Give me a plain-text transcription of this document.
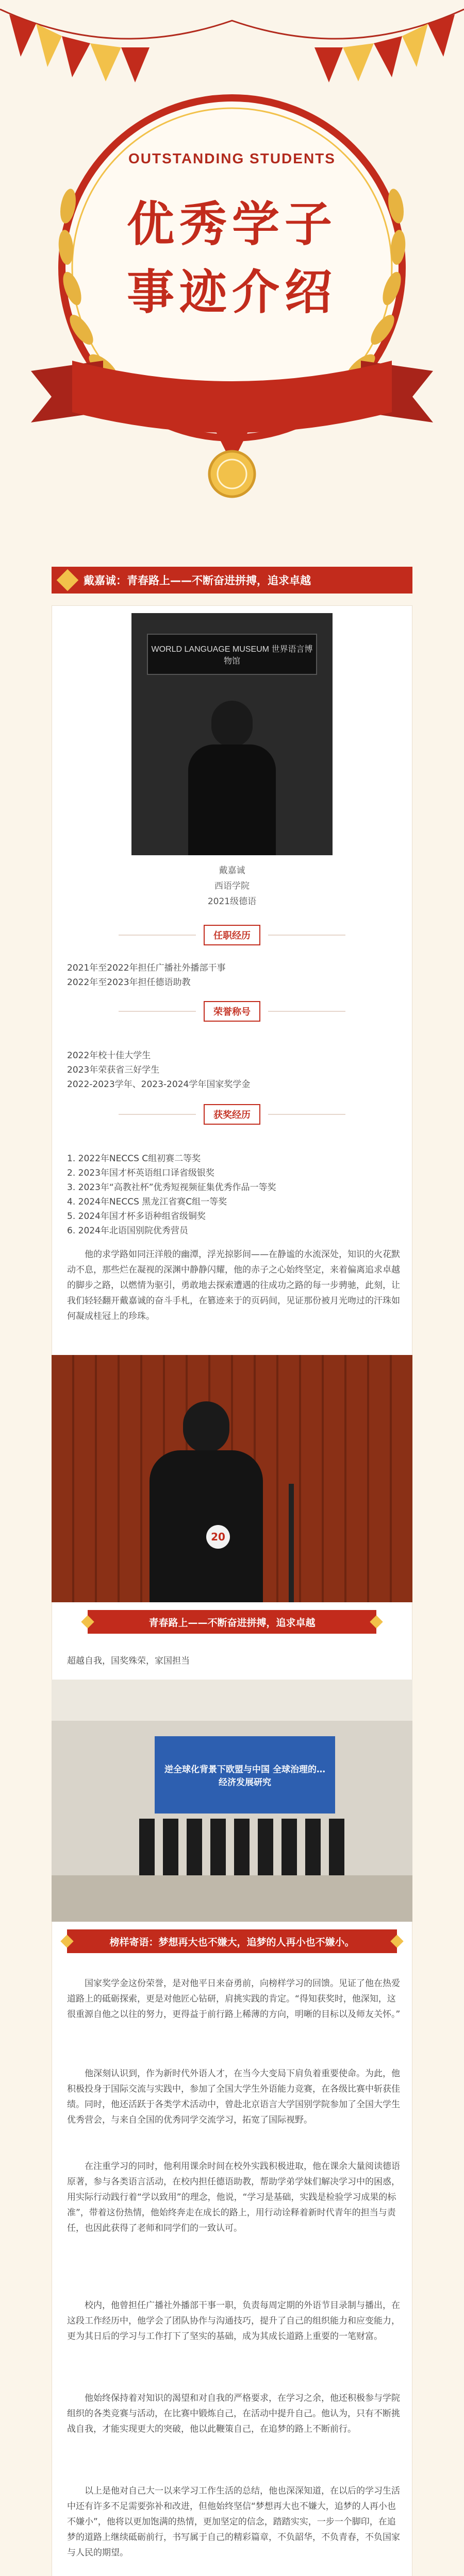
OUTSTANDING STUDENTS
优秀学子
事迹介绍
戴嘉诚：青春路上——不断奋进拼搏，追求卓越
WORLD LANGUAGE MUSEUM 世界语言博物馆
戴嘉诚
西语学院
2021级德语
任职经历
2021年至2022年担任广播社外播部干事
2022年至2023年担任德语助教
荣誉称号
2022年校十佳大学生
2023年荣获省三好学生
2022-2023学年、2023-2024学年国家奖学金
获奖经历
1. 2022年NECCS C组初赛二等奖
2. 2023年国才杯英语组口译省级银奖
3. 2023年“高教社杯”优秀短视频征集优秀作品一等奖
4. 2024年NECCS 黑龙江省赛C组一等奖
5. 2024年国才杯多语种组省级铜奖
6. 2024年北语国别院优秀营员
他的求学路如同汪洋般的幽潭，浮光掠影间——在静谧的水流深处，知识的火花默动不息，那些烂在凝视的深渊中静静闪耀，他的赤子之心始终坚定，来着偏离追求卓越的脚步之路，以燃情为驱引，勇敢地去探索遭遇的往成功之路的每一步骋驰，此刻，让我们轻轻翻开戴嘉诚的奋斗手札，在篡迹来于的页码间，见证那份被月光吻过的汗珠如何凝成桂冠上的珍珠。
20
青春路上——不断奋进拼搏，追求卓越
超越自我，国奖殊荣，家国担当
逆全球化背景下欧盟与中国 全球治理的… 经济发展研究
榜样寄语：梦想再大也不嫌大，追梦的人再小也不嫌小。
国家奖学金这份荣誉，是对他平日来奋勇前，向榜样学习的回馈。见证了他在热爱道路上的砥砺探索，更是对他匠心钻研，肩挑实践的肯定。“得知获奖时，他深知，这很重源自他之以往的努力，更得益于前行路上稀薄的方向，明晰的目标以及师友关怀。”
他深刻认识到，作为新时代外语人才，在当今大变局下肩负着重要使命。为此，他积极投身于国际交流与实践中，参加了全国大学生外语能力竞赛，在各级比赛中斩获佳绩。同时，他还活跃于各类学术活动中，曾赴北京语言大学国别学院参加了全国大学生优秀营会，与来自全国的优秀同学交流学习，拓宽了国际视野。
在注重学习的同时，他利用课余时间在校外实践积极进取，他在课余大量阅读德语原著，参与各类语言活动，在校内担任德语助教，帮助学弟学妹们解决学习中的困惑，用实际行动践行着“学以致用”的理念，他说，“学习是基础，实践是检验学习成果的标准”，带着这份热情，他始终奔走在成长的路上，用行动诠释着新时代青年的担当与责任，也因此获得了老师和同学们的一致认可。
校内，他曾担任广播社外播部干事一职，负责每周定期的外语节目录制与播出，在这段工作经历中，他学会了团队协作与沟通技巧，提升了自己的组织能力和应变能力，更为其日后的学习与工作打下了坚实的基础，成为其成长道路上重要的一笔财富。
他始终保持着对知识的渴望和对自我的严格要求，在学习之余，他还积极参与学院组织的各类竞赛与活动，在比赛中锻炼自己，在活动中提升自己。他认为，只有不断挑战自我，才能实现更大的突破，他以此鞭策自己，在追梦的路上不断前行。
以上是他对自己大一以来学习工作生活的总结，他也深深知道，在以后的学习生活中还有许多不足需要弥补和改进，但他始终坚信“梦想再大也不嫌大，追梦的人再小也不嫌小”，他将以更加饱满的热情，更加坚定的信念，踏踏实实，一步一个脚印，在追梦的道路上继续砥砺前行，书写属于自己的精彩篇章，不负韶华，不负青春，不负国家与人民的期望。
